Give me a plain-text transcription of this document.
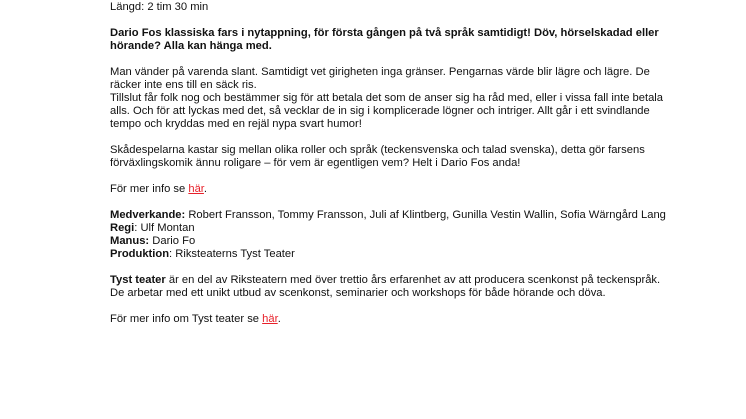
Längd: 2 tim 30 min

Dario Fos klassiska fars i nytappning, för första gången på två språk samtidigt! Döv, hörselskadad eller hörande? Alla kan hänga med.

Man vänder på varenda slant. Samtidigt vet girigheten inga gränser. Pengarnas värde blir lägre och lägre. De räcker inte ens till en säck ris.

Tillslut får folk nog och bestämmer sig för att betala det som de anser sig ha råd med, eller i vissa fall inte betala alls. Och för att lyckas med det, så vecklar de in sig i komplicerade lögner och intriger. Allt går i ett svindlande tempo och kryddas med en rejäl nypa svart humor!

Skådespelarna kastar sig mellan olika roller och språk (teckensvenska och talad svenska), detta gör farsens förväxlingskomik ännu roligare – för vem är egentligen vem? Helt i Dario Fos anda!

För mer info se här.

Medverkande: Robert Fransson, Tommy Fransson, Juli af Klintberg, Gunilla Vestin Wallin, Sofia Wärngård Lang

Regi: Ulf Montan

Manus: Dario Fo

Produktion: Riksteaterns Tyst Teater

Tyst teater är en del av Riksteatern med över trettio års erfarenhet av att producera scenkonst på teckenspråk. De arbetar med ett unikt utbud av scenkonst, seminarier och workshops för både hörande och döva.

För mer info om Tyst teater se här.
